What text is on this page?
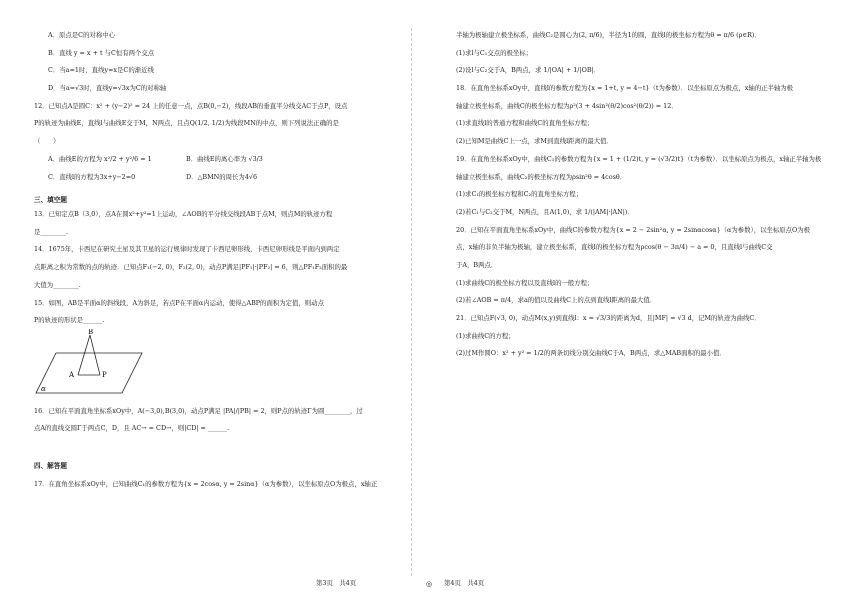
A．原点是C的对称中心

B．直线 y = x + t 与C恒有两个交点

C．当a=1时，直线y=x是C的渐近线

D．当a=√3时，直线y=√3x为C的对称轴

12．已知点A是圆C：x² + (y−2)² = 24 上的任意一点，点B(0,−2)，线段AB的垂直平分线交AC于点P，设点

P的轨迹为曲线E，直线l与曲线E交于M，N两点，且点Q(1/2, 1/2)为线段MN的中点，则下列说法正确的是

（　　）

A．曲线E的方程为 x²/2 + y²/6 = 1	B．曲线E的离心率为 √3/3
C．直线l的方程为3x+y−2=0	D．△BMN的周长为4√6

三、填空题

13．已知定点B（3,0），点A在圆x²+y²=1上运动，∠AOB的平分线交线段AB于点M，则点M的轨迹方程

是________.

14．1675年，卡西尼在研究土星及其卫星的运行规律时发现了卡西尼卵形线，卡西尼卵形线是平面内到两定

点距离之积为常数的点的轨迹．已知点F₁(−2, 0)，F₂(2, 0)，动点P满足|PF₁|·|PF₂| = 6，则△PF₁F₂面积的最

大值为________.

15．如图，AB是平面α的斜线段，A为斜足，若点P在平面α内运动，使得△ABP的面积为定值，则动点

P的轨迹的形状是______.

B
A	P
α

16．已知在平面直角坐标系xOy中，A(−3,0),B(3,0)，动点P满足 |PA|/|PB| = 2，则P点的轨迹Γ为圆________，过

点A的直线交圆Γ于两点C，D，且 AC→ = CD→，则|CD| = ______.

四、解答题

17．在直角坐标系xOy中，已知曲线C₁的参数方程为{x = 2cosα, y = 2sinα}（α为参数），以坐标原点O为极点，x轴正

半轴为极轴建立极坐标系，曲线C₂是圆心为(2, π/6)，半径为1的圆，直线l的极坐标方程为θ = π/6 (ρ∈R)．

(1)求l与C₁交点的极坐标；

(2)设l与C₂交于A，B两点，求 1/|OA| + 1/|OB|．

18．在直角坐标系xOy中，直线l的参数方程为{x = 1+t, y = 4−t}（t为参数）．以坐标原点为极点，x轴的正半轴为极

轴建立极坐标系，曲线C的极坐标方程为ρ²(3 + 4sin²(θ/2)cos²(θ/2)) = 12．

(1)求直线l的普通方程和曲线C的直角坐标方程；

(2)已知M是曲线C上一点，求M到直线l距离的最大值．

19．在直角坐标系xOy中，曲线C₁的参数方程为{x = 1 + (1/2)t, y = (√3/2)t}（t为参数）．以坐标原点为极点，x轴正半轴为极

轴建立极坐标系，曲线C₂的极坐标方程为ρsin²θ = 4cosθ．

(1)求C₁的极坐标方程和C₂的直角坐标方程；

(2)若C₁与C₂交于M，N两点，且A(1,0)，求 1/(|AM|·|AN|)．

20．已知在平面直角坐标系xOy中，曲线C的参数方程为{x = 2 − 2sin²α, y = 2sinαcosα}（α为参数），以坐标原点O为极

点，x轴的非负半轴为极轴，建立极坐标系，直线l的极坐标方程为ρcos(θ − 3π/4) − a = 0，且直线l与曲线C交

于A，B两点．

(1)求曲线C的极坐标方程以及直线l的一般方程；

(2)若∠AOB = π/4，求a的值以及曲线C上的点到直线l距离的最大值．

21．已知点F(√3, 0)，动点M(x,y)到直线l：x = √3/3的距离为d，且|MF| = √3 d，记M的轨迹为曲线C．

(1)求曲线C的方程；

(2)过M作圆O：x² + y² = 1/2的两条切线分别交曲线C于A，B两点，求△MAB面积的最小值．

第3页　共4页	◎ 第4页　共4页
